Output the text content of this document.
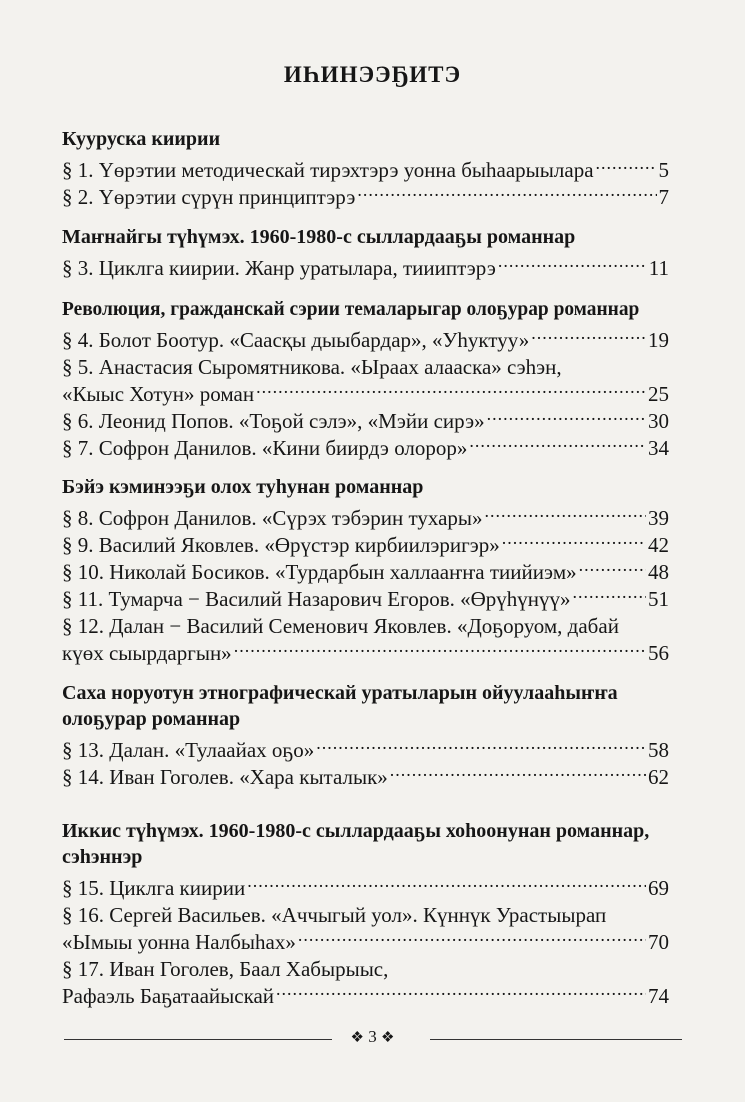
ИҺИНЭЭҔИТЭ
Кууруска киирии
§ 1. Үөрэтии методическай тирэхтэрэ уонна быһаарыылара .....	5
§ 2. Үөрэтии сүрүн принциптэрэ .....	7
Маҥнайгы түһүмэх. 1960-1980-с сыллардааҕы романнар
§ 3. Циклга киирии. Жанр уратылара, тиииптэрэ .....	11
Революция, гражданскай сэрии темаларыгар олоҕурар романнар
§ 4. Болот Боотур. «Саасқы дыыбардар», «Уһуктуу» .....	19
§ 5. Анастасия Сыромятникова. «Ыраах алааска» сэһэн,
«Кыыс Хотун» роман .....	25
§ 6. Леонид Попов. «Тоҕой сэлэ», «Мэйи сирэ» .....	30
§ 7. Софрон Данилов. «Кини биирдэ олорор» .....	34
Бэйэ кэминээҕи олох туһунан романнар
§ 8. Софрон Данилов. «Сүрэх тэбэрин тухары» .....	39
§ 9. Василий Яковлев. «Өрүстэр кирбиилэригэр» .....	42
§ 10. Николай Босиков. «Турдарбын халлааҥҥа тиийиэм» .....	48
§ 11. Тумарча − Василий Назарович Егоров. «Өрүһүнүү» .....	51
§ 12. Далан − Василий Семенович Яковлев. «Доҕоруом, дабай
күөх сыырдаргын» .....	56
Саха норуотун этнографическай уратыларын ойуулааһыҥҥа
олоҕурар романнар
§ 13. Далан. «Тулаайах оҕо» .....	58
§ 14. Иван Гоголев. «Хара кыталык» .....	62
Иккис түһүмэх. 1960-1980-с сыллардааҕы хоһоонунан романнар,
сэһэннэр
§ 15. Циклга киирии .....	69
§ 16. Сергей Васильев. «Аччыгый уол». Күннүк Урастыырап
«Ымыы уонна Налбыһах» .....	70
§ 17. Иван Гоголев, Баал Хабырыыс,
Рафаэль Баҕатаайыскай .....	74
❖ 3 ❖
